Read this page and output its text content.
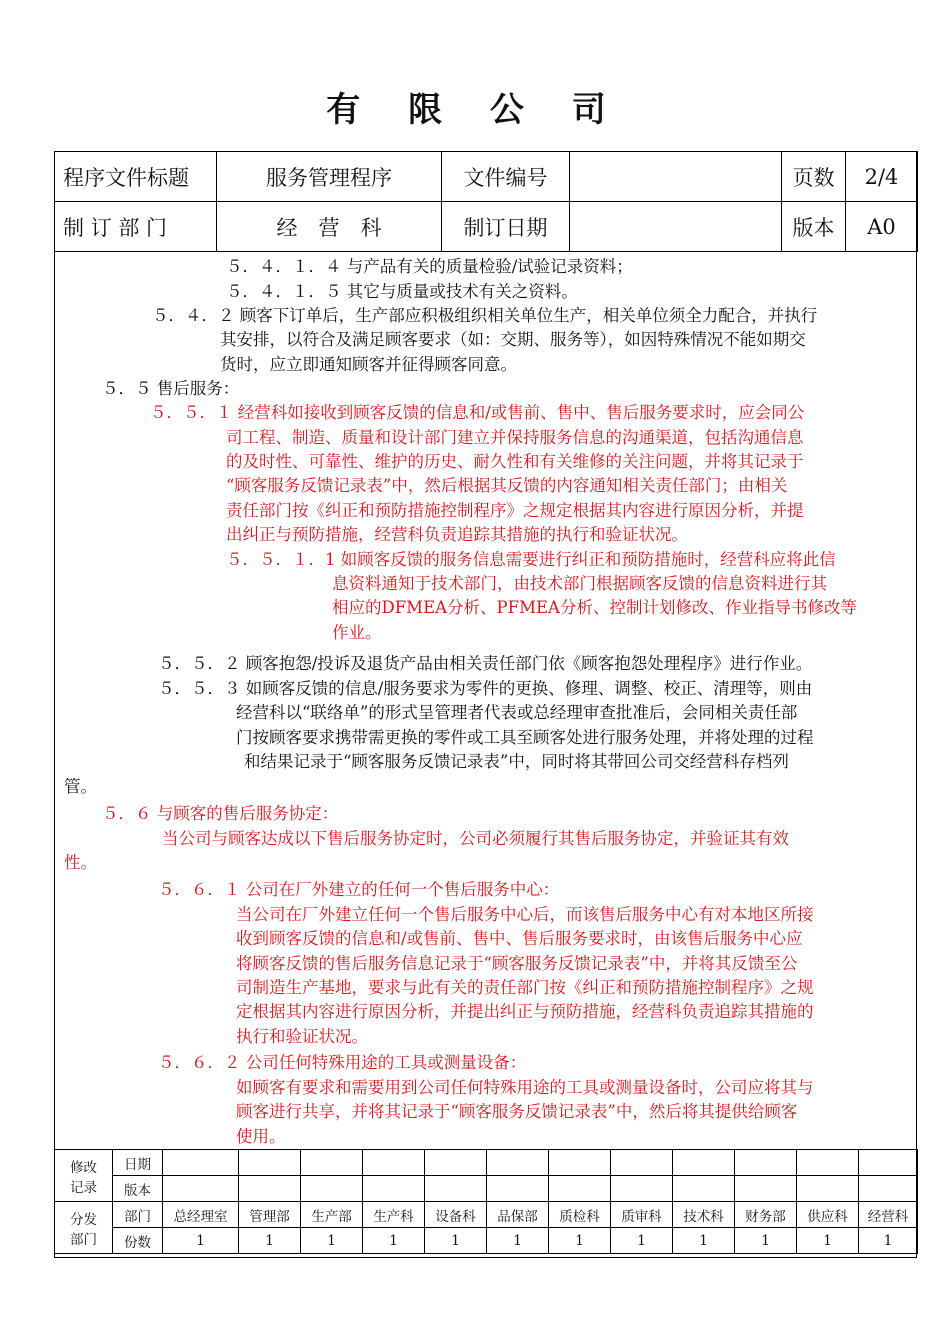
有 限 公 司
程序文件标题	服务管理程序	文件编号		页数	2/4
制 订 部 门	经　营　科	制订日期		版本	A0
５．４．１．４ 与产品有关的质量检验/试验记录资料；
５．４．１．５ 其它与质量或技术有关之资料。
５．４．２ 顾客下订单后，生产部应积极组织相关单位生产，相关单位须全力配合，并执行
其安排，以符合及满足顾客要求（如：交期、服务等），如因特殊情况不能如期交
货时，应立即通知顾客并征得顾客同意。
５．５ 售后服务：
５．５．１ 经营科如接收到顾客反馈的信息和/或售前、售中、售后服务要求时，应会同公
司工程、制造、质量和设计部门建立并保持服务信息的沟通渠道，包括沟通信息
的及时性、可靠性、维护的历史、耐久性和有关维修的关注问题，并将其记录于
“顾客服务反馈记录表”中，然后根据其反馈的内容通知相关责任部门；由相关
责任部门按《纠正和预防措施控制程序》之规定根据其内容进行原因分析，并提
出纠正与预防措施，经营科负责追踪其措施的执行和验证状况。
５．５．１．1 如顾客反馈的服务信息需要进行纠正和预防措施时，经营科应将此信
息资料通知于技术部门，由技术部门根据顾客反馈的信息资料进行其
相应的DFMEA分析、PFMEA分析、控制计划修改、作业指导书修改等
作业。
５．５．２ 顾客抱怨/投诉及退货产品由相关责任部门依《顾客抱怨处理程序》进行作业。
５．５．３ 如顾客反馈的信息/服务要求为零件的更换、修理、调整、校正、清理等，则由
经营科以“联络单”的形式呈管理者代表或总经理审查批准后，会同相关责任部
门按顾客要求携带需更换的零件或工具至顾客处进行服务处理，并将处理的过程
和结果记录于“顾客服务反馈记录表”中，同时将其带回公司交经营科存档列
管。
５．６ 与顾客的售后服务协定：
当公司与顾客达成以下售后服务协定时，公司必须履行其售后服务协定，并验证其有效
性。
５．６．１ 公司在厂外建立的任何一个售后服务中心：
当公司在厂外建立任何一个售后服务中心后，而该售后服务中心有对本地区所接
收到顾客反馈的信息和/或售前、售中、售后服务要求时，由该售后服务中心应
将顾客反馈的售后服务信息记录于“顾客服务反馈记录表”中，并将其反馈至公
司制造生产基地，要求与此有关的责任部门按《纠正和预防措施控制程序》之规
定根据其内容进行原因分析，并提出纠正与预防措施，经营科负责追踪其措施的
执行和验证状况。
５．６．２ 公司任何特殊用途的工具或测量设备：
如顾客有要求和需要用到公司任何特殊用途的工具或测量设备时，公司应将其与
顾客进行共享，并将其记录于“顾客服务反馈记录表”中，然后将其提供给顾客
使用。
修改
记录	日期												
	版本												
分发
部门	部门	总经理室	管理部	生产部	生产科	设备科	品保部	质检科	质审科	技术科	财务部	供应科	经营科
	份数	1	1	1	1	1	1	1	1	1	1	1	1
